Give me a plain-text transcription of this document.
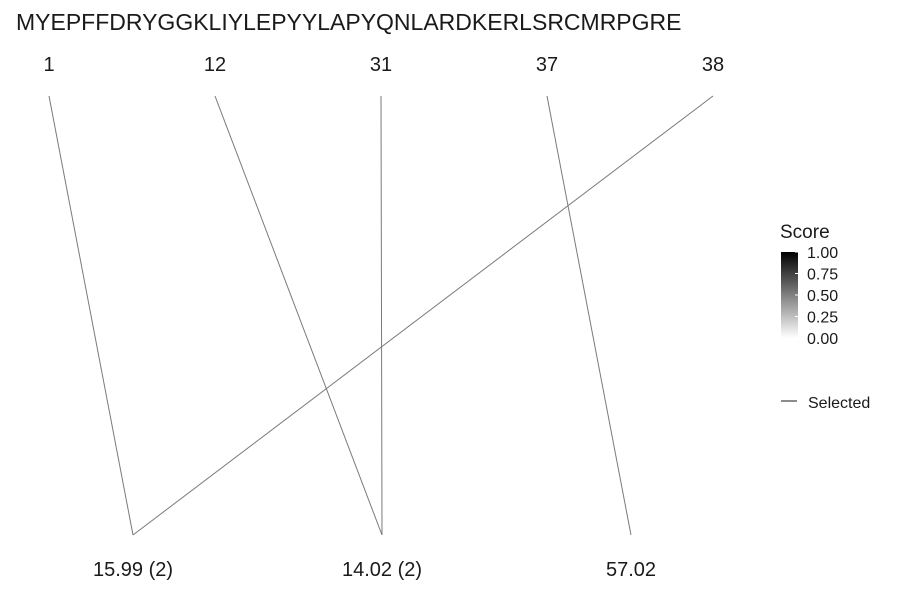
MYEPFFDRYGGKLIYLEPYYLAPYQNLARDKERLSRCMRPGRE
1	12	31	37	38
15.99 (2)	14.02 (2)	57.02
Score
1.00
0.75
0.50
0.25
0.00
Selected
